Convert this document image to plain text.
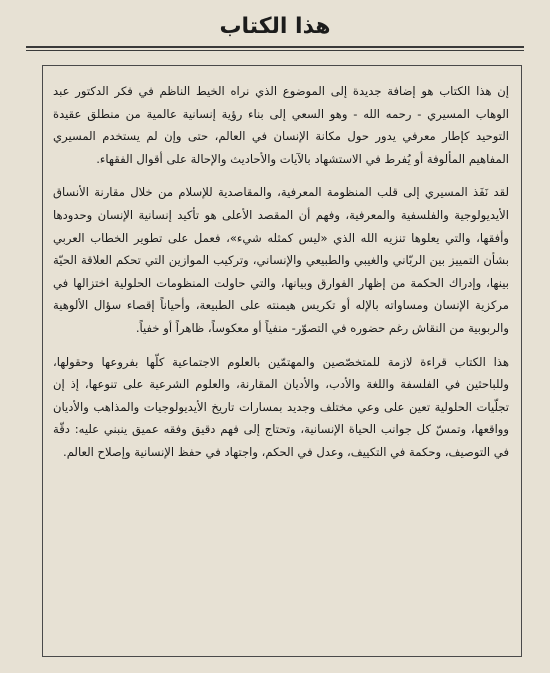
هذا الكتاب

إن هذا الكتاب هو إضافة جديدة إلى الموضوع الذي نراه الخيط الناظم في فكر الدكتور عبد الوهاب المسيري - رحمه الله - وهو السعي إلى بناء رؤية إنسانية عالمية من منطلق عقيدة التوحيد كإطار معرفي يدور حول مكانة الإنسان في العالم، حتى وإن لم يستخدم المسيري المفاهيم المألوفة أو يُفرط في الاستشهاد بالآيات والأحاديث والإحالة على أقوال الفقهاء.

لقد نَفَذ المسيري إلى قلب المنظومة المعرفية، والمقاصدية للإسلام من خلال مقارنة الأنساق الأيديولوجية والفلسفية والمعرفية، وفهم أن المقصد الأعلى هو تأكيد إنسانية الإنسان وحدودها وأفقها، والتي يعلوها تنزيه الله الذي «ليس كمثله شيء»، فعمل على تطوير الخطاب العربي بشأن التمييز بين الربّاني والغيبي والطبيعي والإنساني، وتركيب الموازين التي تحكم العلاقة الحيّة بينها، وإدراك الحكمة من إظهار الفوارق وبيانها، والتي حاولت المنظومات الحلولية اختزالها في مركزية الإنسان ومساواته بالإله أو تكريس هيمنته على الطبيعة، وأحياناً إقصاء سؤال الألوهية والربوبية من النقاش رغم حضوره في التصوّر- منفياً أو معكوساً، ظاهراً أو خفياً.

هذا الكتاب قراءة لازمة للمتخصّصين والمهتمّين بالعلوم الاجتماعية كلّها بفروعها وحقولها، وللباحثين في الفلسفة واللغة والأدب، والأديان المقارنة، والعلوم الشرعية على تنوعها، إذ إن تجلّيات الحلولية تعين على وعي مختلف وجديد بمسارات تاريخ الأيديولوجيات والمذاهب والأديان وواقعها، وتمسّ كل جوانب الحياة الإنسانية، وتحتاج إلى فهم دقيق وفقه عميق ينبني عليه: دقّة في التوصيف، وحكمة في التكييف، وعدل في الحكم، واجتهاد في حفظ الإنسانية وإصلاح العالم.
